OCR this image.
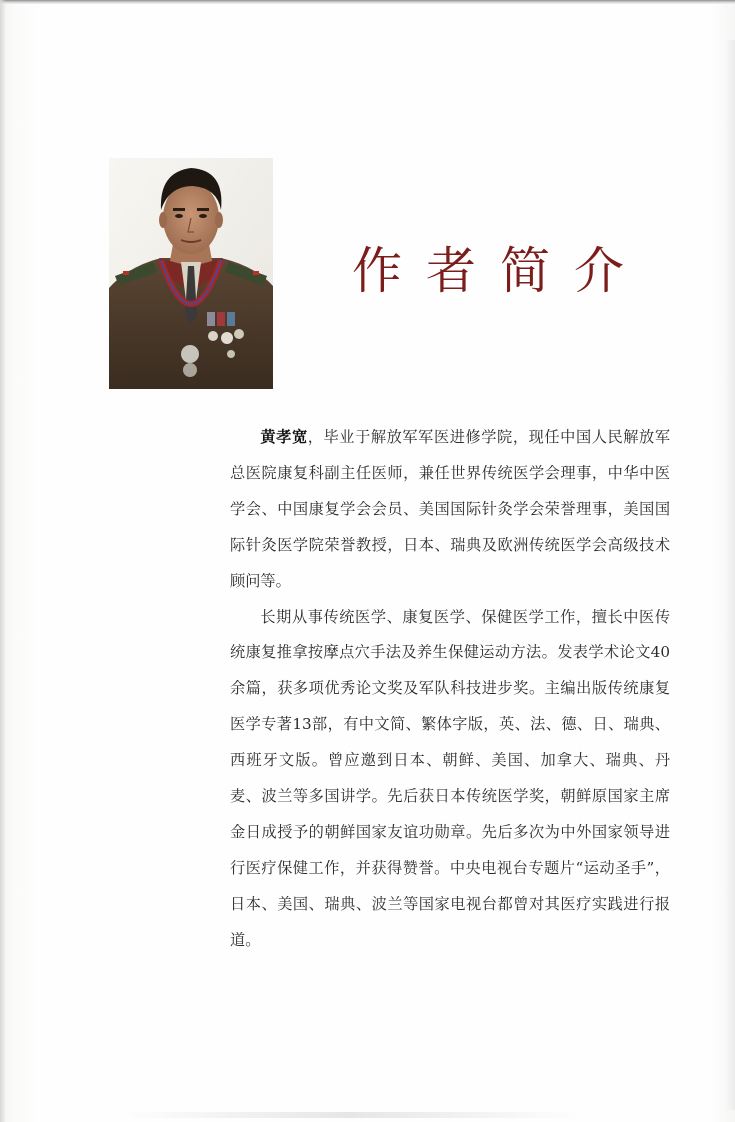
作者简介

黄孝宽，毕业于解放军军医进修学院，现任中国人民解放军总医院康复科副主任医师，兼任世界传统医学会理事，中华中医学会、中国康复学会会员、美国国际针灸学会荣誉理事，美国国际针灸医学院荣誉教授，日本、瑞典及欧洲传统医学会高级技术顾问等。

长期从事传统医学、康复医学、保健医学工作，擅长中医传统康复推拿按摩点穴手法及养生保健运动方法。发表学术论文40余篇，获多项优秀论文奖及军队科技进步奖。主编出版传统康复医学专著13部，有中文简、繁体字版，英、法、德、日、瑞典、西班牙文版。曾应邀到日本、朝鲜、美国、加拿大、瑞典、丹麦、波兰等多国讲学。先后获日本传统医学奖，朝鲜原国家主席金日成授予的朝鲜国家友谊功勋章。先后多次为中外国家领导进行医疗保健工作，并获得赞誉。中央电视台专题片“运动圣手”，日本、美国、瑞典、波兰等国家电视台都曾对其医疗实践进行报道。
